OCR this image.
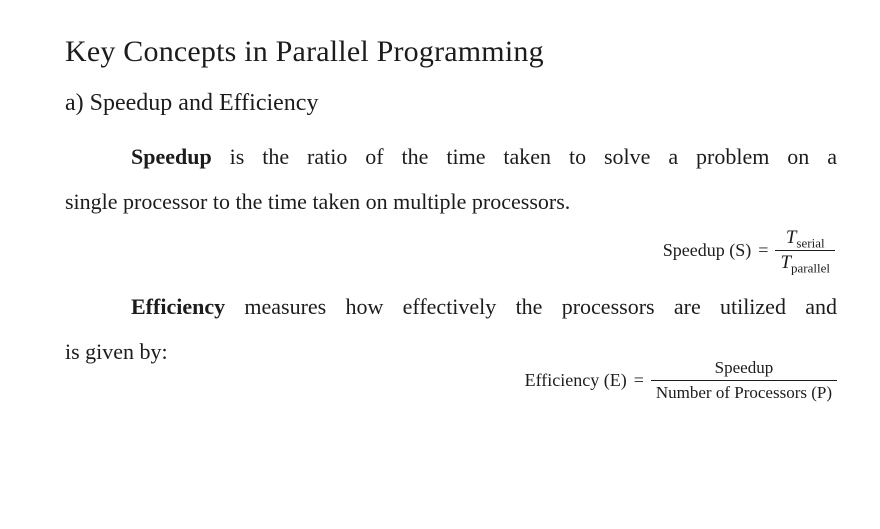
Key Concepts in Parallel Programming
a) Speedup and Efficiency
Speedup is the ratio of the time taken to solve a problem on a
single processor to the time taken on multiple processors.
Speedup $(S) = \frac{T_{serial}}{T_{parallel}}$
Efficiency measures how effectively the processors are utilized and
is given by:
Efficiency $(E) = \frac{\text{Speedup}}{\text{Number of Processors (P)}}$
